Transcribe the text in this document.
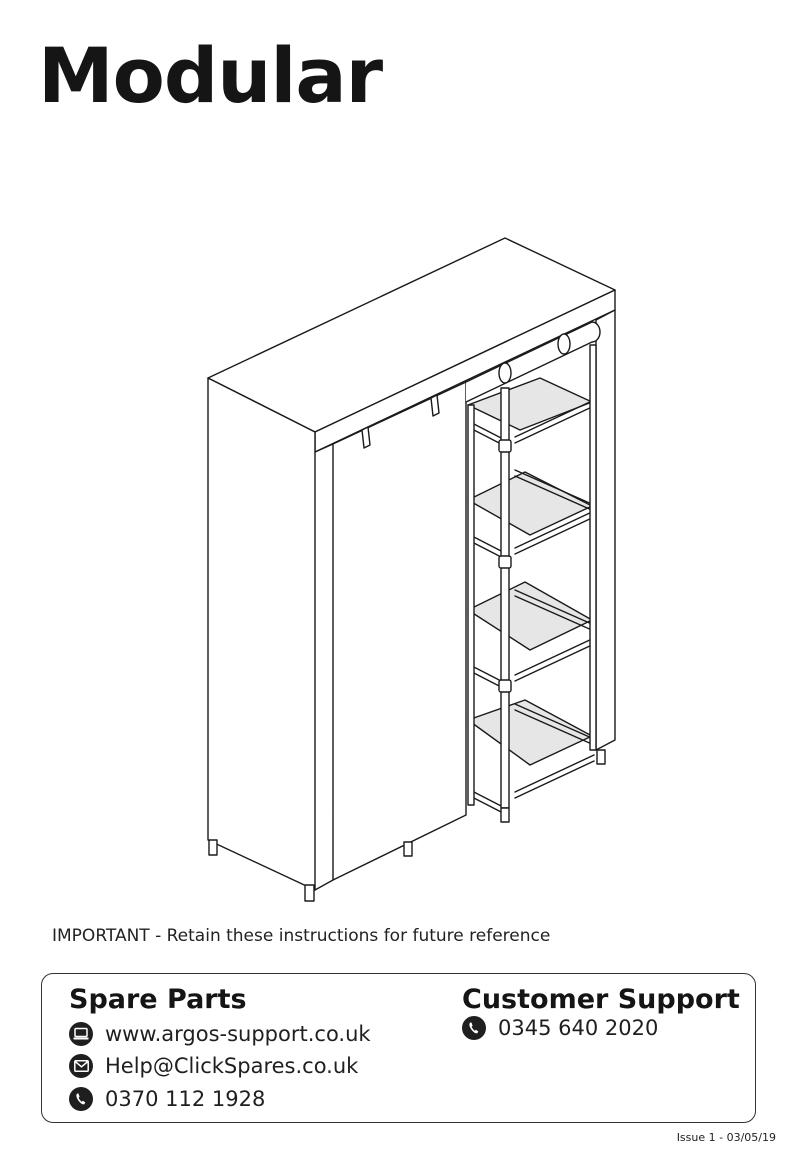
Modular
IMPORTANT - Retain these instructions for future reference
Spare Parts
www.argos-support.co.uk
Help@ClickSpares.co.uk
0370 112 1928
Customer Support
0345 640 2020
Issue 1 - 03/05/19
